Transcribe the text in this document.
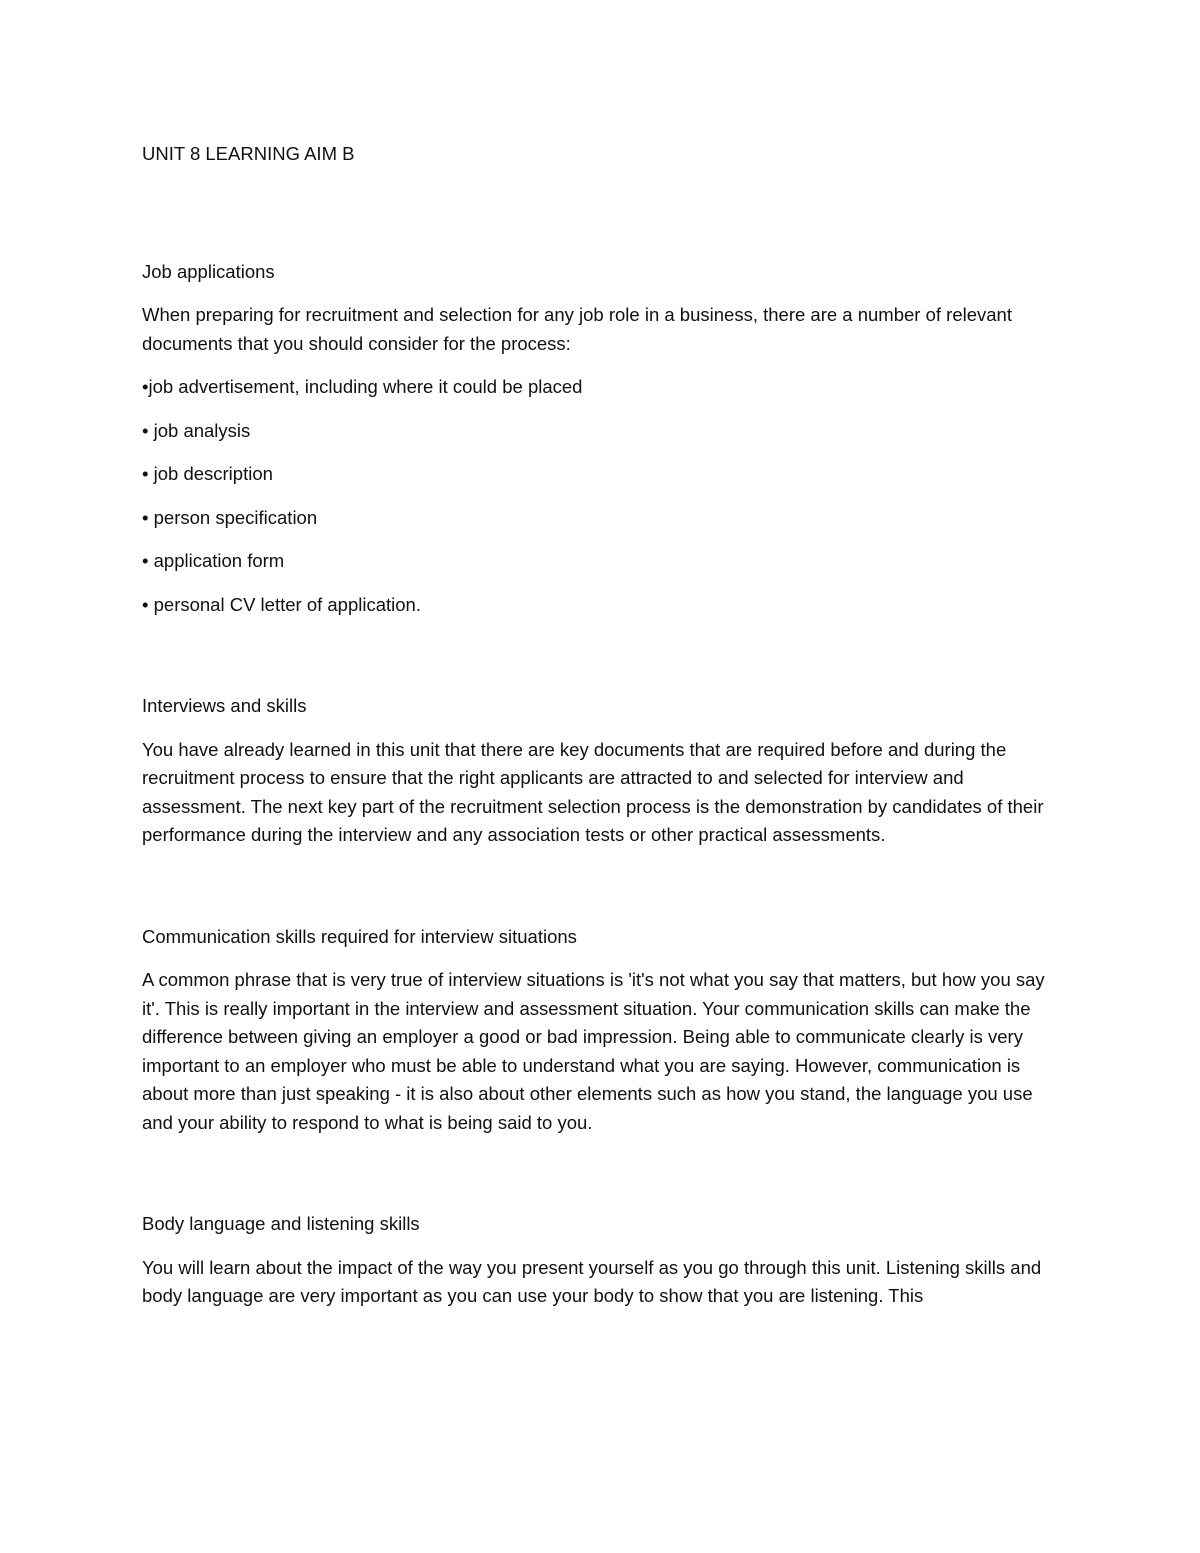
UNIT 8 LEARNING AIM B

Job applications

When preparing for recruitment and selection for any job role in a business, there are a number of relevant documents that you should consider for the process:

•job advertisement, including where it could be placed

• job analysis

• job description

• person specification

• application form

• personal CV letter of application.

Interviews and skills

You have already learned in this unit that there are key documents that are required before and during the recruitment process to ensure that the right applicants are attracted to and selected for interview and assessment. The next key part of the recruitment selection process is the demonstration by candidates of their performance during the interview and any association tests or other practical assessments.

Communication skills required for interview situations

A common phrase that is very true of interview situations is 'it's not what you say that matters, but how you say it'. This is really important in the interview and assessment situation. Your communication skills can make the difference between giving an employer a good or bad impression. Being able to communicate clearly is very important to an employer who must be able to understand what you are saying. However, communication is about more than just speaking - it is also about other elements such as how you stand, the language you use and your ability to respond to what is being said to you.

Body language and listening skills

You will learn about the impact of the way you present yourself as you go through this unit. Listening skills and body language are very important as you can use your body to show that you are listening. This
